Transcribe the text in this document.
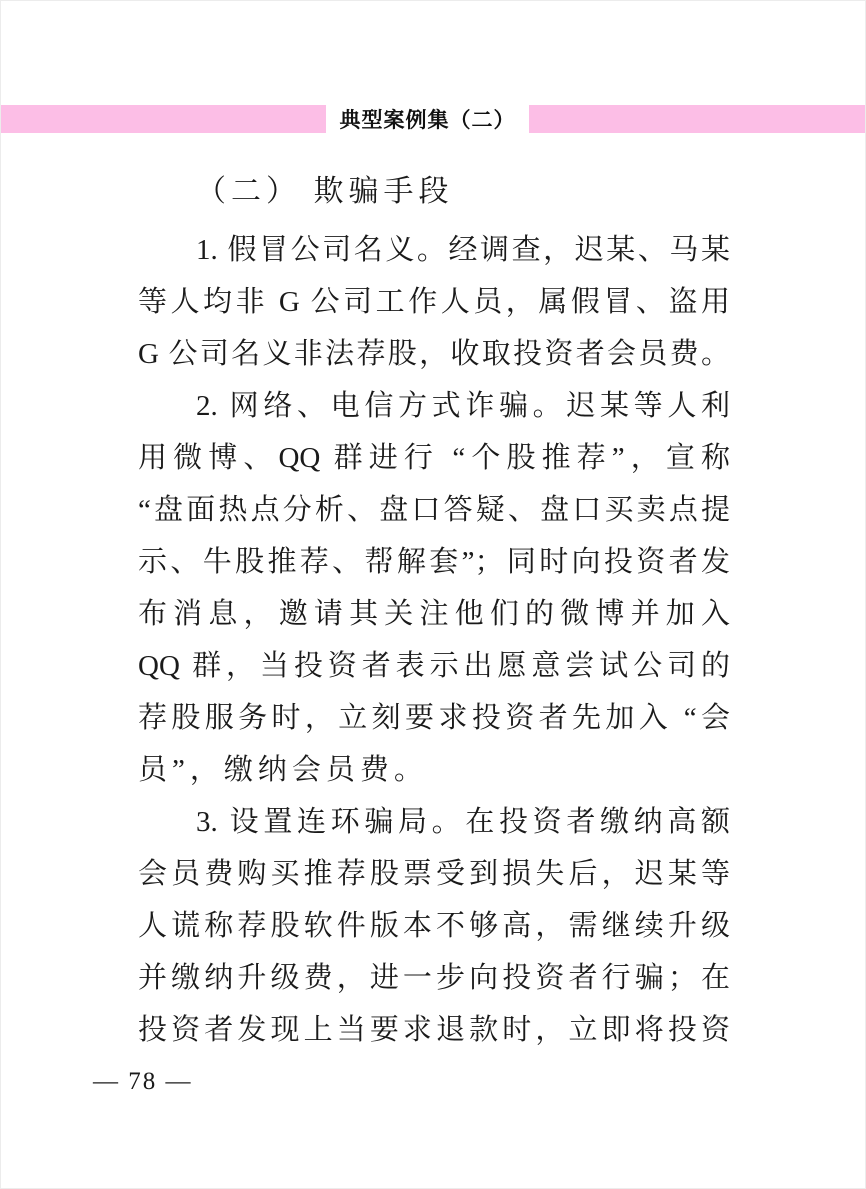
典型案例集（二）
（二） 欺骗手段
1. 假冒公司名义。经调查，迟某、马某
等人均非 G 公司工作人员，属假冒、盗用
G 公司名义非法荐股，收取投资者会员费。
2. 网络、电信方式诈骗。迟某等人利
用微博、QQ 群进行 “个股推荐”，宣称
“盘面热点分析、盘口答疑、盘口买卖点提
示、牛股推荐、帮解套”；同时向投资者发
布消息，邀请其关注他们的微博并加入
QQ 群，当投资者表示出愿意尝试公司的
荐股服务时，立刻要求投资者先加入 “会
员”，缴纳会员费。
3. 设置连环骗局。在投资者缴纳高额
会员费购买推荐股票受到损失后，迟某等
人谎称荐股软件版本不够高，需继续升级
并缴纳升级费，进一步向投资者行骗；在
投资者发现上当要求退款时，立即将投资
— 78 —
